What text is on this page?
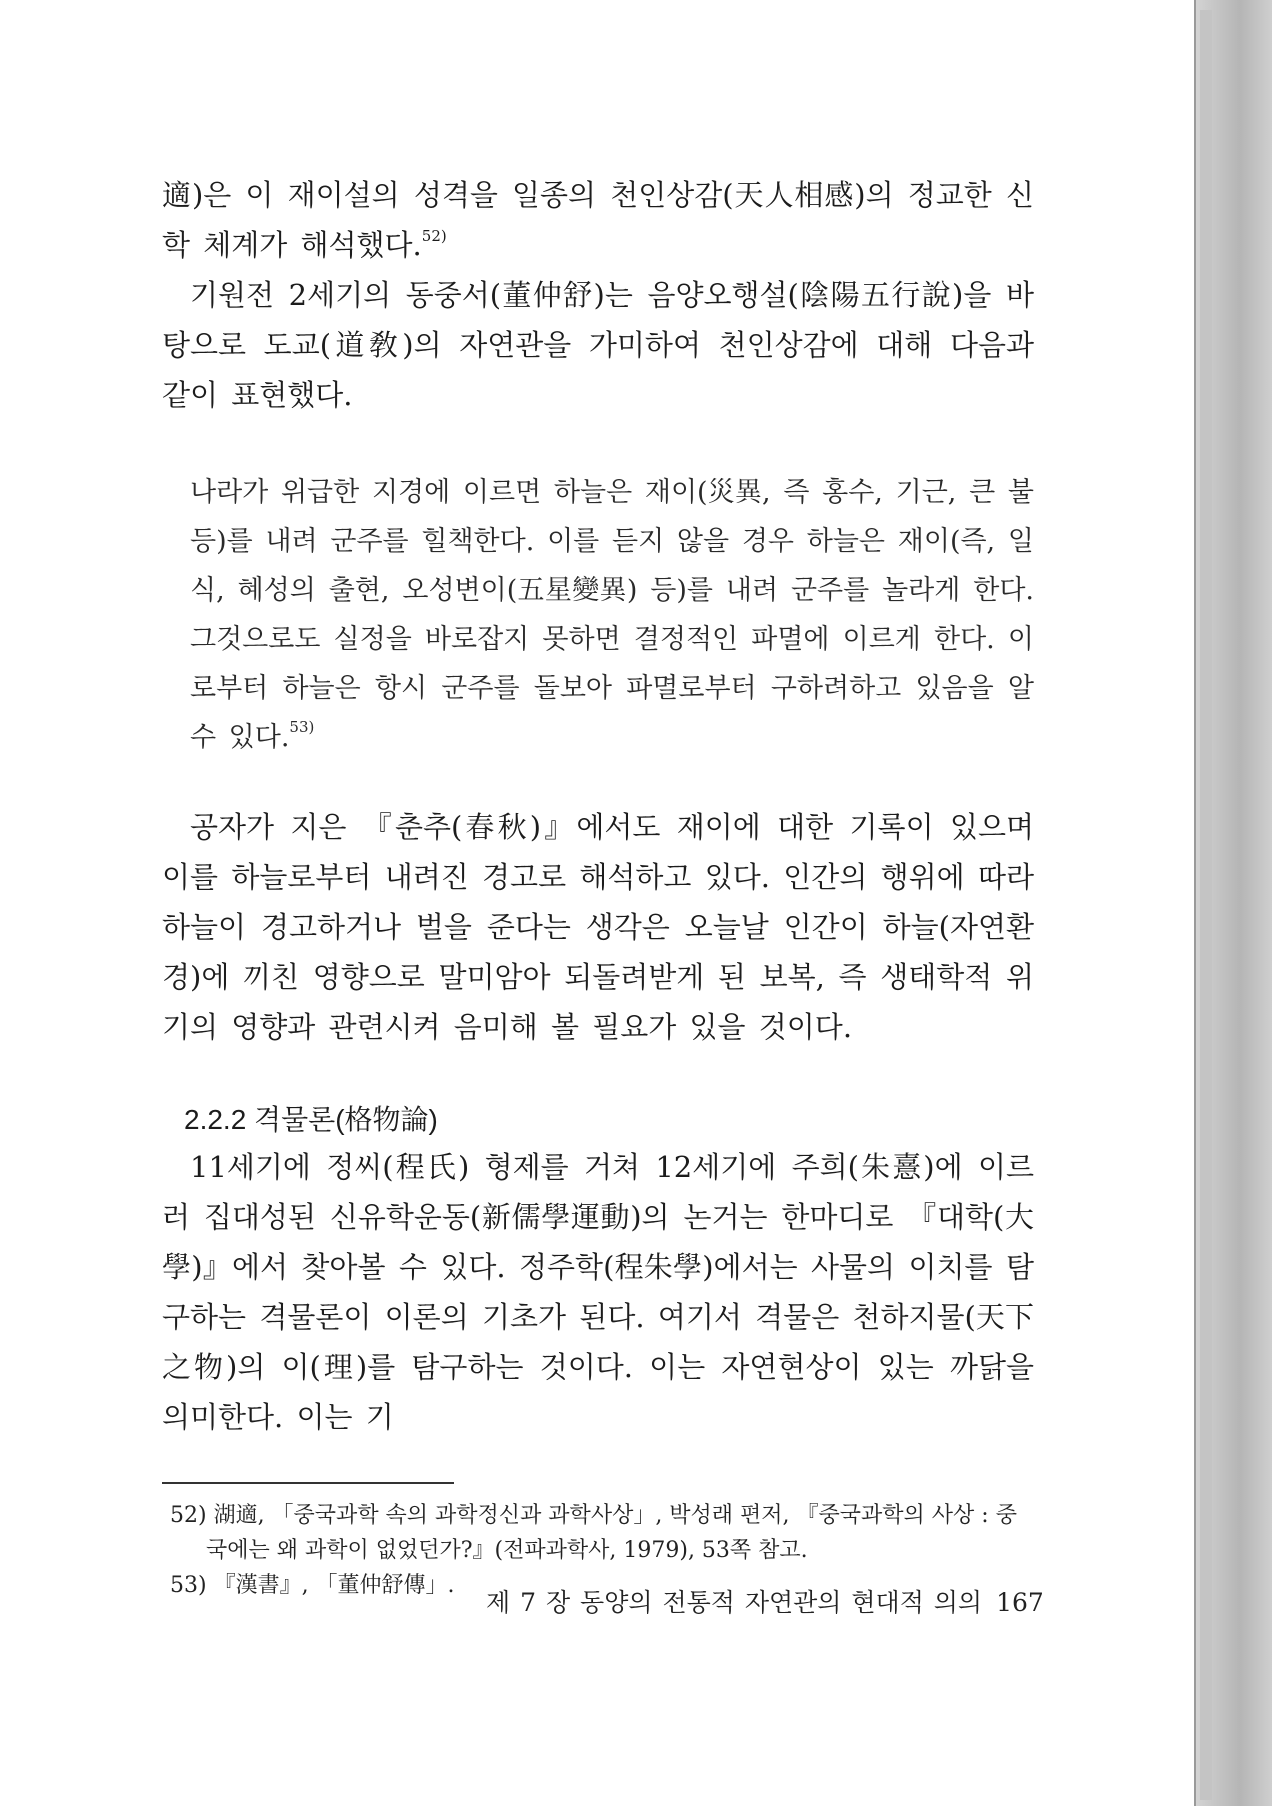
適)은 이 재이설의 성격을 일종의 천인상감(天人相感)의 정교한 신학 체계가 해석했다.$^{52)}$

기원전 2세기의 동중서(董仲舒)는 음양오행설(陰陽五行說)을 바탕으로 도교(道敎)의 자연관을 가미하여 천인상감에 대해 다음과 같이 표현했다.

나라가 위급한 지경에 이르면 하늘은 재이(災異, 즉 홍수, 기근, 큰 불 등)를 내려 군주를 힐책한다. 이를 듣지 않을 경우 하늘은 재이(즉, 일식, 혜성의 출현, 오성변이(五星變異) 등)를 내려 군주를 놀라게 한다. 그것으로도 실정을 바로잡지 못하면 결정적인 파멸에 이르게 한다. 이로부터 하늘은 항시 군주를 돌보아 파멸로부터 구하려하고 있음을 알 수 있다.$^{53)}$

공자가 지은 『춘추(春秋)』에서도 재이에 대한 기록이 있으며 이를 하늘로부터 내려진 경고로 해석하고 있다. 인간의 행위에 따라 하늘이 경고하거나 벌을 준다는 생각은 오늘날 인간이 하늘(자연환경)에 끼친 영향으로 말미암아 되돌려받게 된 보복, 즉 생태학적 위기의 영향과 관련시켜 음미해 볼 필요가 있을 것이다.

2.2.2 격물론(格物論)

11세기에 정씨(程氏) 형제를 거쳐 12세기에 주희(朱憙)에 이르러 집대성된 신유학운동(新儒學運動)의 논거는 한마디로 『대학(大學)』에서 찾아볼 수 있다. 정주학(程朱學)에서는 사물의 이치를 탐구하는 격물론이 이론의 기초가 된다. 여기서 격물은 천하지물(天下之物)의 이(理)를 탐구하는 것이다. 이는 자연현상이 있는 까닭을 의미한다. 이는 기

52) 湖適, 「중국과학 속의 과학정신과 과학사상」, 박성래 편저, 『중국과학의 사상 : 중국에는 왜 과학이 없었던가?』(전파과학사, 1979), 53쪽 참고.

53) 『漢書』, 「董仲舒傳」.

제 7 장 동양의 전통적 자연관의 현대적 의의 167
